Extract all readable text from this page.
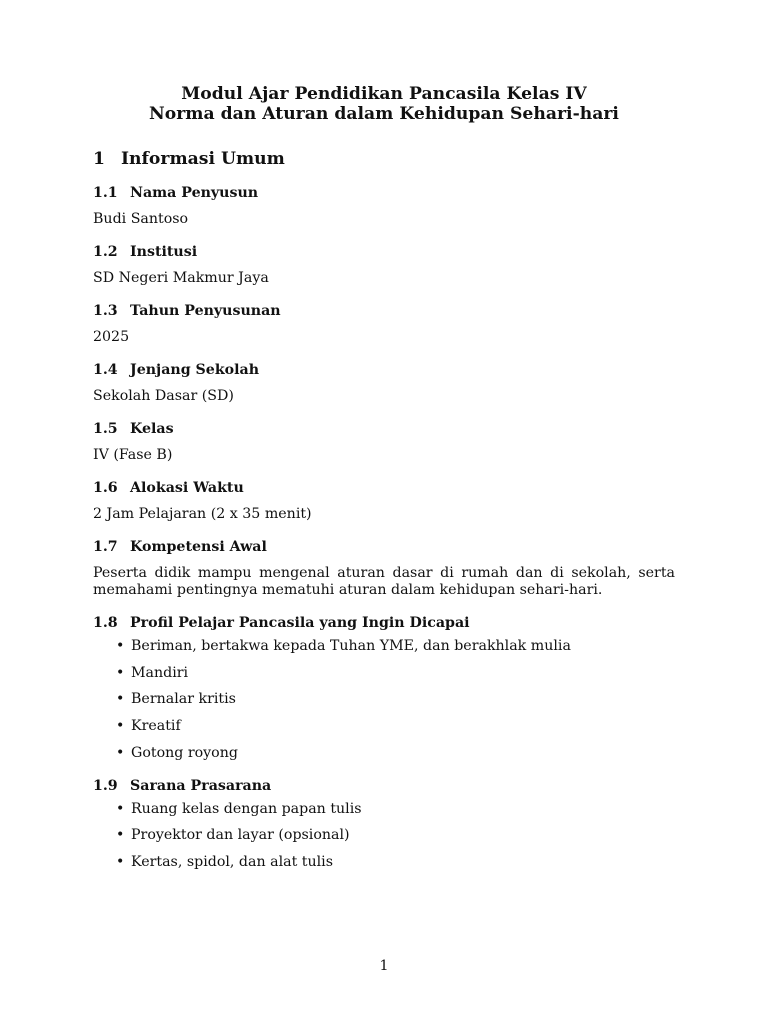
Modul Ajar Pendidikan Pancasila Kelas IV

Norma dan Aturan dalam Kehidupan Sehari-hari

1 Informasi Umum
1.1 Nama Penyusun

Budi Santoso

1.2 Institusi

SD Negeri Makmur Jaya

1.3 Tahun Penyusunan

2025

1.4 Jenjang Sekolah

Sekolah Dasar (SD)

1.5 Kelas

IV (Fase B)

1.6 Alokasi Waktu

2 Jam Pelajaran (2 x 35 menit)

1.7 Kompetensi Awal

Peserta didik mampu mengenal aturan dasar di rumah dan di sekolah, serta memahami pentingnya mematuhi aturan dalam kehidupan sehari-hari.

1.8 Profil Pelajar Pancasila yang Ingin Dicapai
• Beriman, bertakwa kepada Tuhan YME, dan berakhlak mulia
• Mandiri
• Bernalar kritis
• Kreatif
• Gotong royong
1.9 Sarana Prasarana
• Ruang kelas dengan papan tulis
• Proyektor dan layar (opsional)
• Kertas, spidol, dan alat tulis
1
